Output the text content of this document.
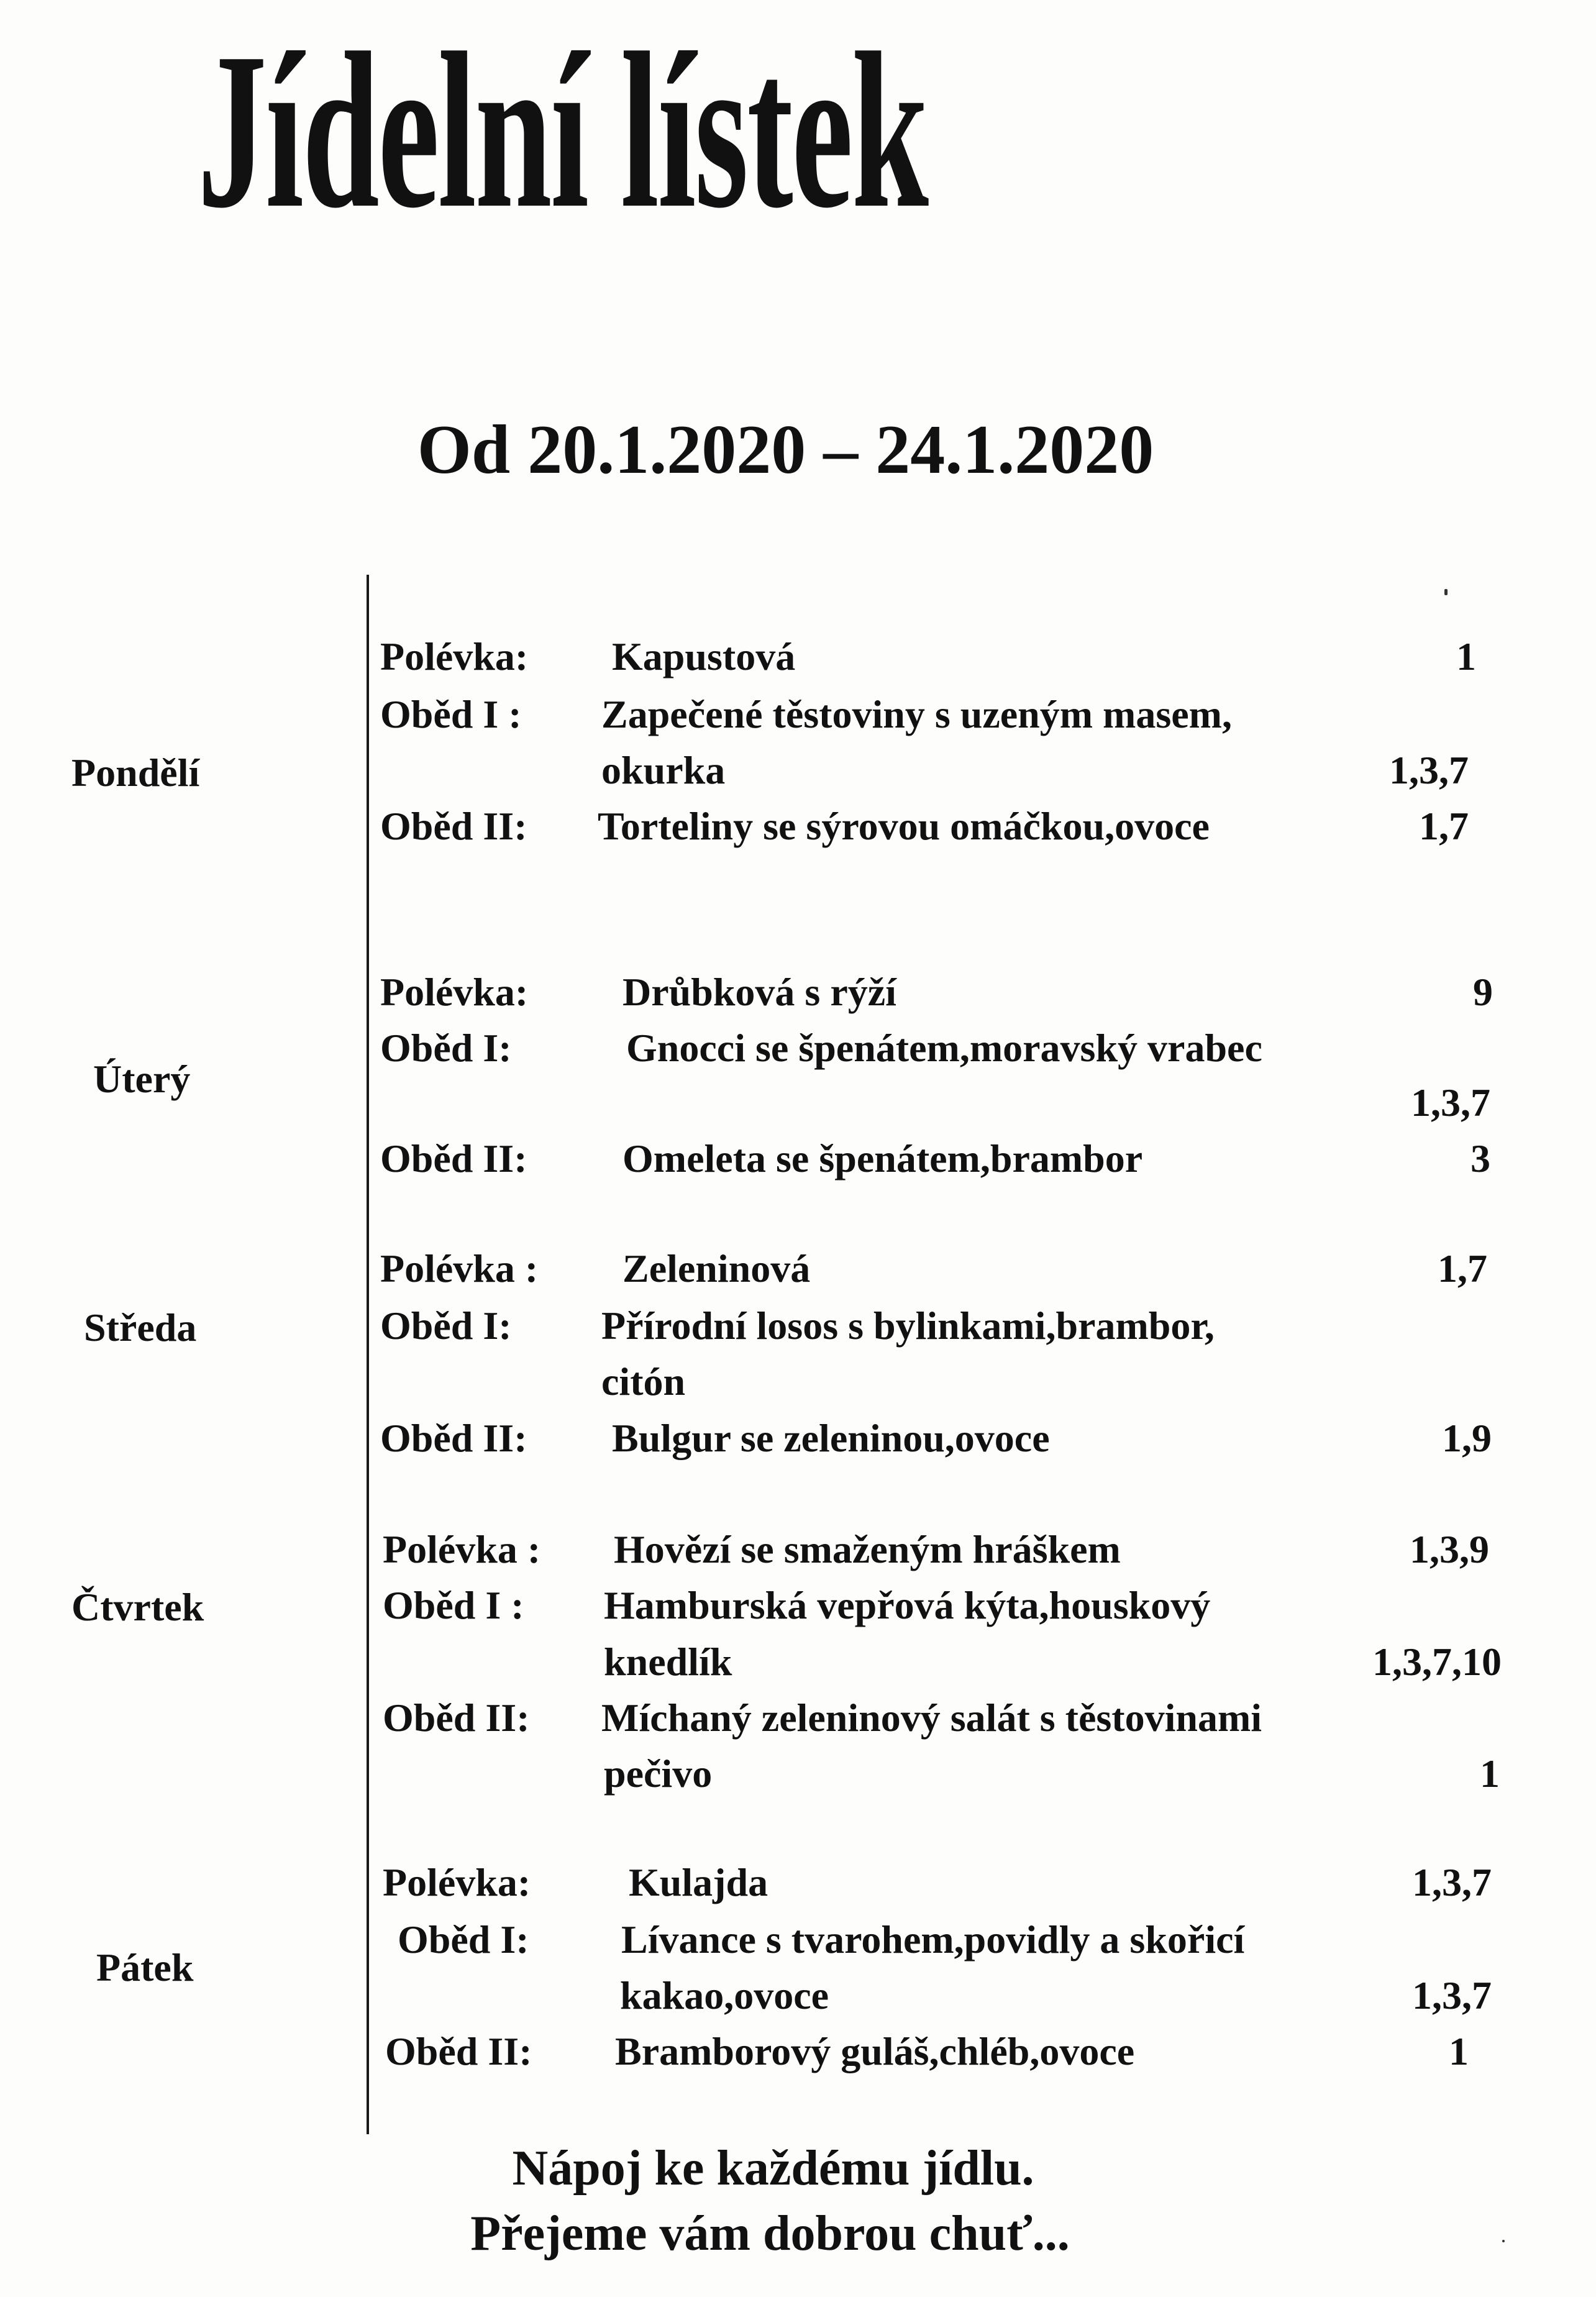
Jídelní lístek
Od 20.1.2020 – 24.1.2020
Pondělí
Polévka: Kapustová	1
Oběd I : Zapečené těstoviny s uzeným masem,
okurka	1,3,7
Oběd II: Torteliny se sýrovou omáčkou,ovoce	1,7
Úterý
Polévka: Drůbková s rýží	9
Oběd I:	Gnocci se špenátem,moravský vrabec
1,3,7
Oběd II: Omeleta se špenátem,brambor	3
Středa
Polévka : Zeleninová	1,7
Oběd I: Přírodní losos s bylinkami,brambor,
citón
Oběd II: Bulgur se zeleninou,ovoce	1,9
Čtvrtek
Polévka : Hovězí se smaženým hráškem	1,3,9
Oběd I : Hamburská vepřová kýta,houskový
knedlík	1,3,7,10
Oběd II: Míchaný zeleninový salát s těstovinami
pečivo	1
Pátek
Polévka: Kulajda	1,3,7
Oběd I: Lívance s tvarohem,povidly a skořicí
kakao,ovoce	1,3,7
Oběd II: Bramborový guláš,chléb,ovoce	1
Nápoj ke každému jídlu.
Přejeme vám dobrou chuť...
